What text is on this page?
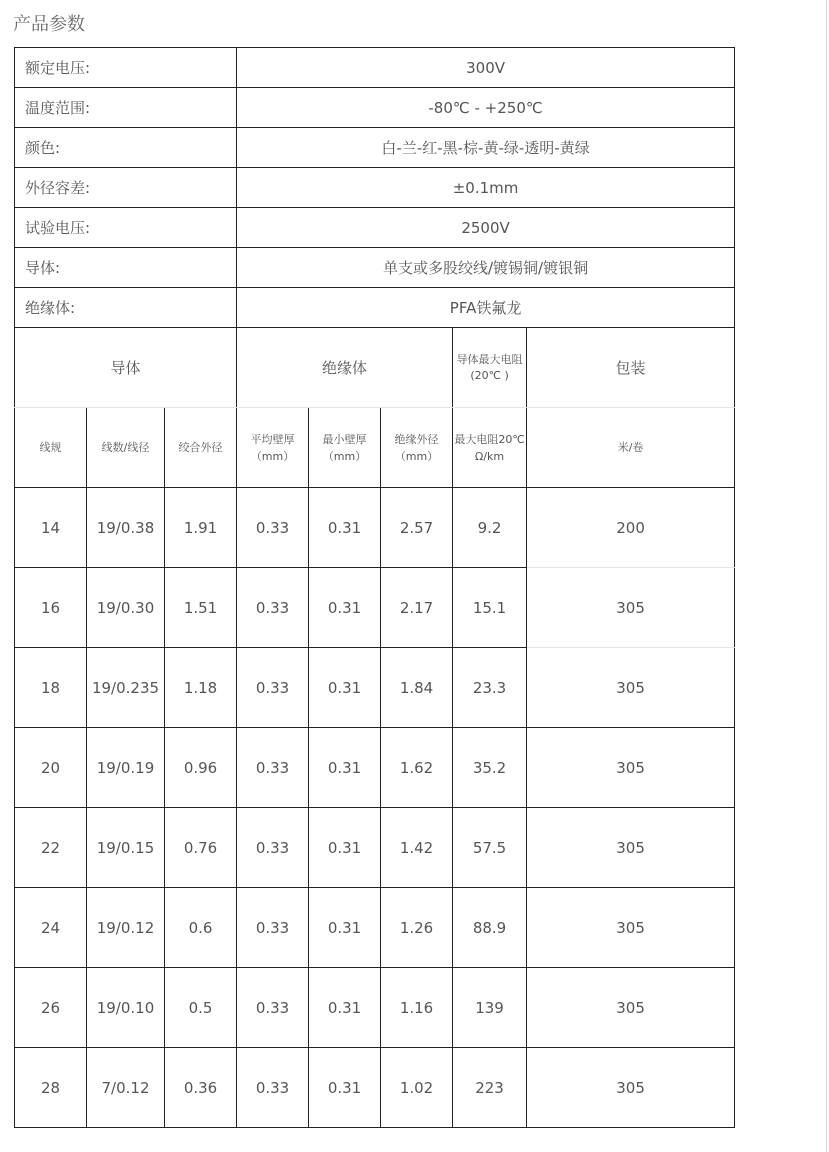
产品参数
额定电压:			300V				
温度范围:			-80℃ - +250℃				
颜色:			白-兰-红-黑-棕-黄-绿-透明-黄绿				
外径容差:			±0.1mm				
试验电压:			2500V				
导体:			单支或多股绞线/镀锡铜/镀银铜				
绝缘体:			PFA铁氟龙				
导体			绝缘体			导体最大电阻(20℃ )	包装
线规	线数/线径	绞合外径	平均壁厚（mm）	最小壁厚（mm）	绝缘外径（mm）	最大电阻20℃ Ω/km	米/卷
14	19/0.38	1.91	0.33	0.31	2.57	9.2	200
16	19/0.30	1.51	0.33	0.31	2.17	15.1	305
18	19/0.235	1.18	0.33	0.31	1.84	23.3	305
20	19/0.19	0.96	0.33	0.31	1.62	35.2	305
22	19/0.15	0.76	0.33	0.31	1.42	57.5	305
24	19/0.12	0.6	0.33	0.31	1.26	88.9	305
26	19/0.10	0.5	0.33	0.31	1.16	139	305
28	7/0.12	0.36	0.33	0.31	1.02	223	305
